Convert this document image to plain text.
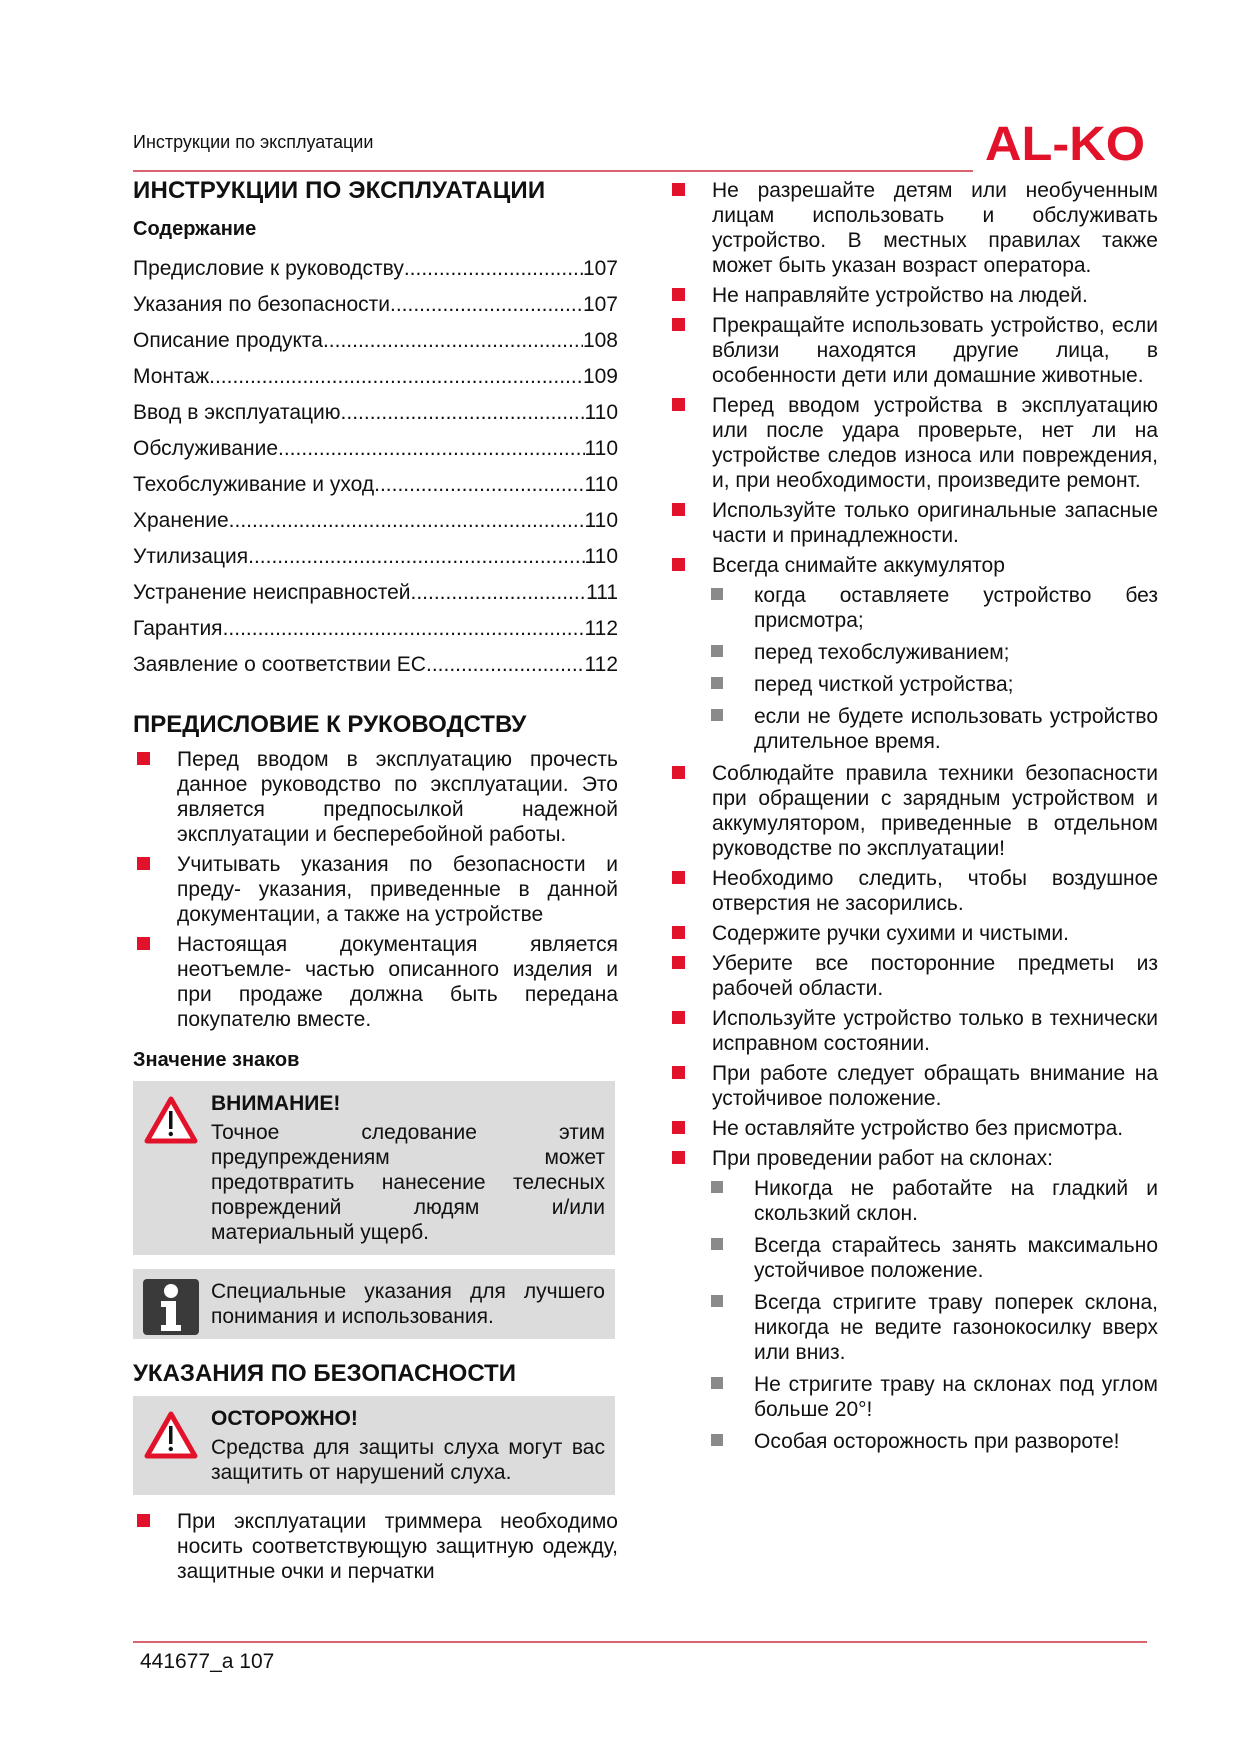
Инструкции по эксплуатации	AL-KO
ИНСТРУКЦИИ ПО ЭКСПЛУАТАЦИИ
Содержание
Предисловие к руководству .....	107
Указания по безопасности .....	107
Описание продукта .....	108
Монтаж .....	109
Ввод в эксплуатацию .....	110
Обслуживание .....	110
Техобслуживание и уход .....	110
Хранение .....	110
Утилизация .....	110
Устранение неисправностей .....	111
Гарантия .....	112
Заявление о соответствии ЕС .....	112
ПРЕДИСЛОВИЕ К РУКОВОДСТВУ
Перед вводом в эксплуатацию прочесть данное руководство по эксплуатации. Это является предпосылкой надежной эксплуатации и бесперебойной работы.
Учитывать указания по безопасности и преду- указания, приведенные в данной документации, а также на устройстве
Настоящая документация является неотъемле- частью описанного изделия и при продаже должна быть передана покупателю вместе.
Значение знаков
ВНИМАНИЕ!
Точное следование этим предупреждениям может предотвратить нанесение телесных повреждений людям и/или материальный ущерб.
Специальные указания для лучшего понимания и использования.
УКАЗАНИЯ ПО БЕЗОПАСНОСТИ
ОСТОРОЖНО!
Средства для защиты слуха могут вас защитить от нарушений слуха.
При эксплуатации триммера необходимо носить соответствующую защитную одежду, защитные очки и перчатки
Не разрешайте детям или необученным лицам использовать и обслуживать устройство. В местных правилах также может быть указан возраст оператора.
Не направляйте устройство на людей.
Прекращайте использовать устройство, если вблизи находятся другие лица, в особенности дети или домашние животные.
Перед вводом устройства в эксплуатацию или после удара проверьте, нет ли на устройстве следов износа или повреждения, и, при необходимости, произведите ремонт.
Используйте только оригинальные запасные части и принадлежности.
Всегда снимайте аккумулятор
когда оставляете устройство без присмотра;
перед техобслуживанием;
перед чисткой устройства;
если не будете использовать устройство длительное время.
Соблюдайте правила техники безопасности при обращении с зарядным устройством и аккумулятором, приведенные в отдельном руководстве по эксплуатации!
Необходимо следить, чтобы воздушное отверстия не засорились.
Содержите ручки сухими и чистыми.
Уберите все посторонние предметы из рабочей области.
Используйте устройство только в технически исправном состоянии.
При работе следует обращать внимание на устойчивое положение.
Не оставляйте устройство без присмотра.
При проведении работ на склонах:
Никогда не работайте на гладкий и скользкий склон.
Всегда старайтесь занять максимально устойчивое положение.
Всегда стригите траву поперек склона, никогда не ведите газонокосилку вверх или вниз.
Не стригите траву на склонах под углом больше 20°!
Особая осторожность при развороте!
441677_a 107
